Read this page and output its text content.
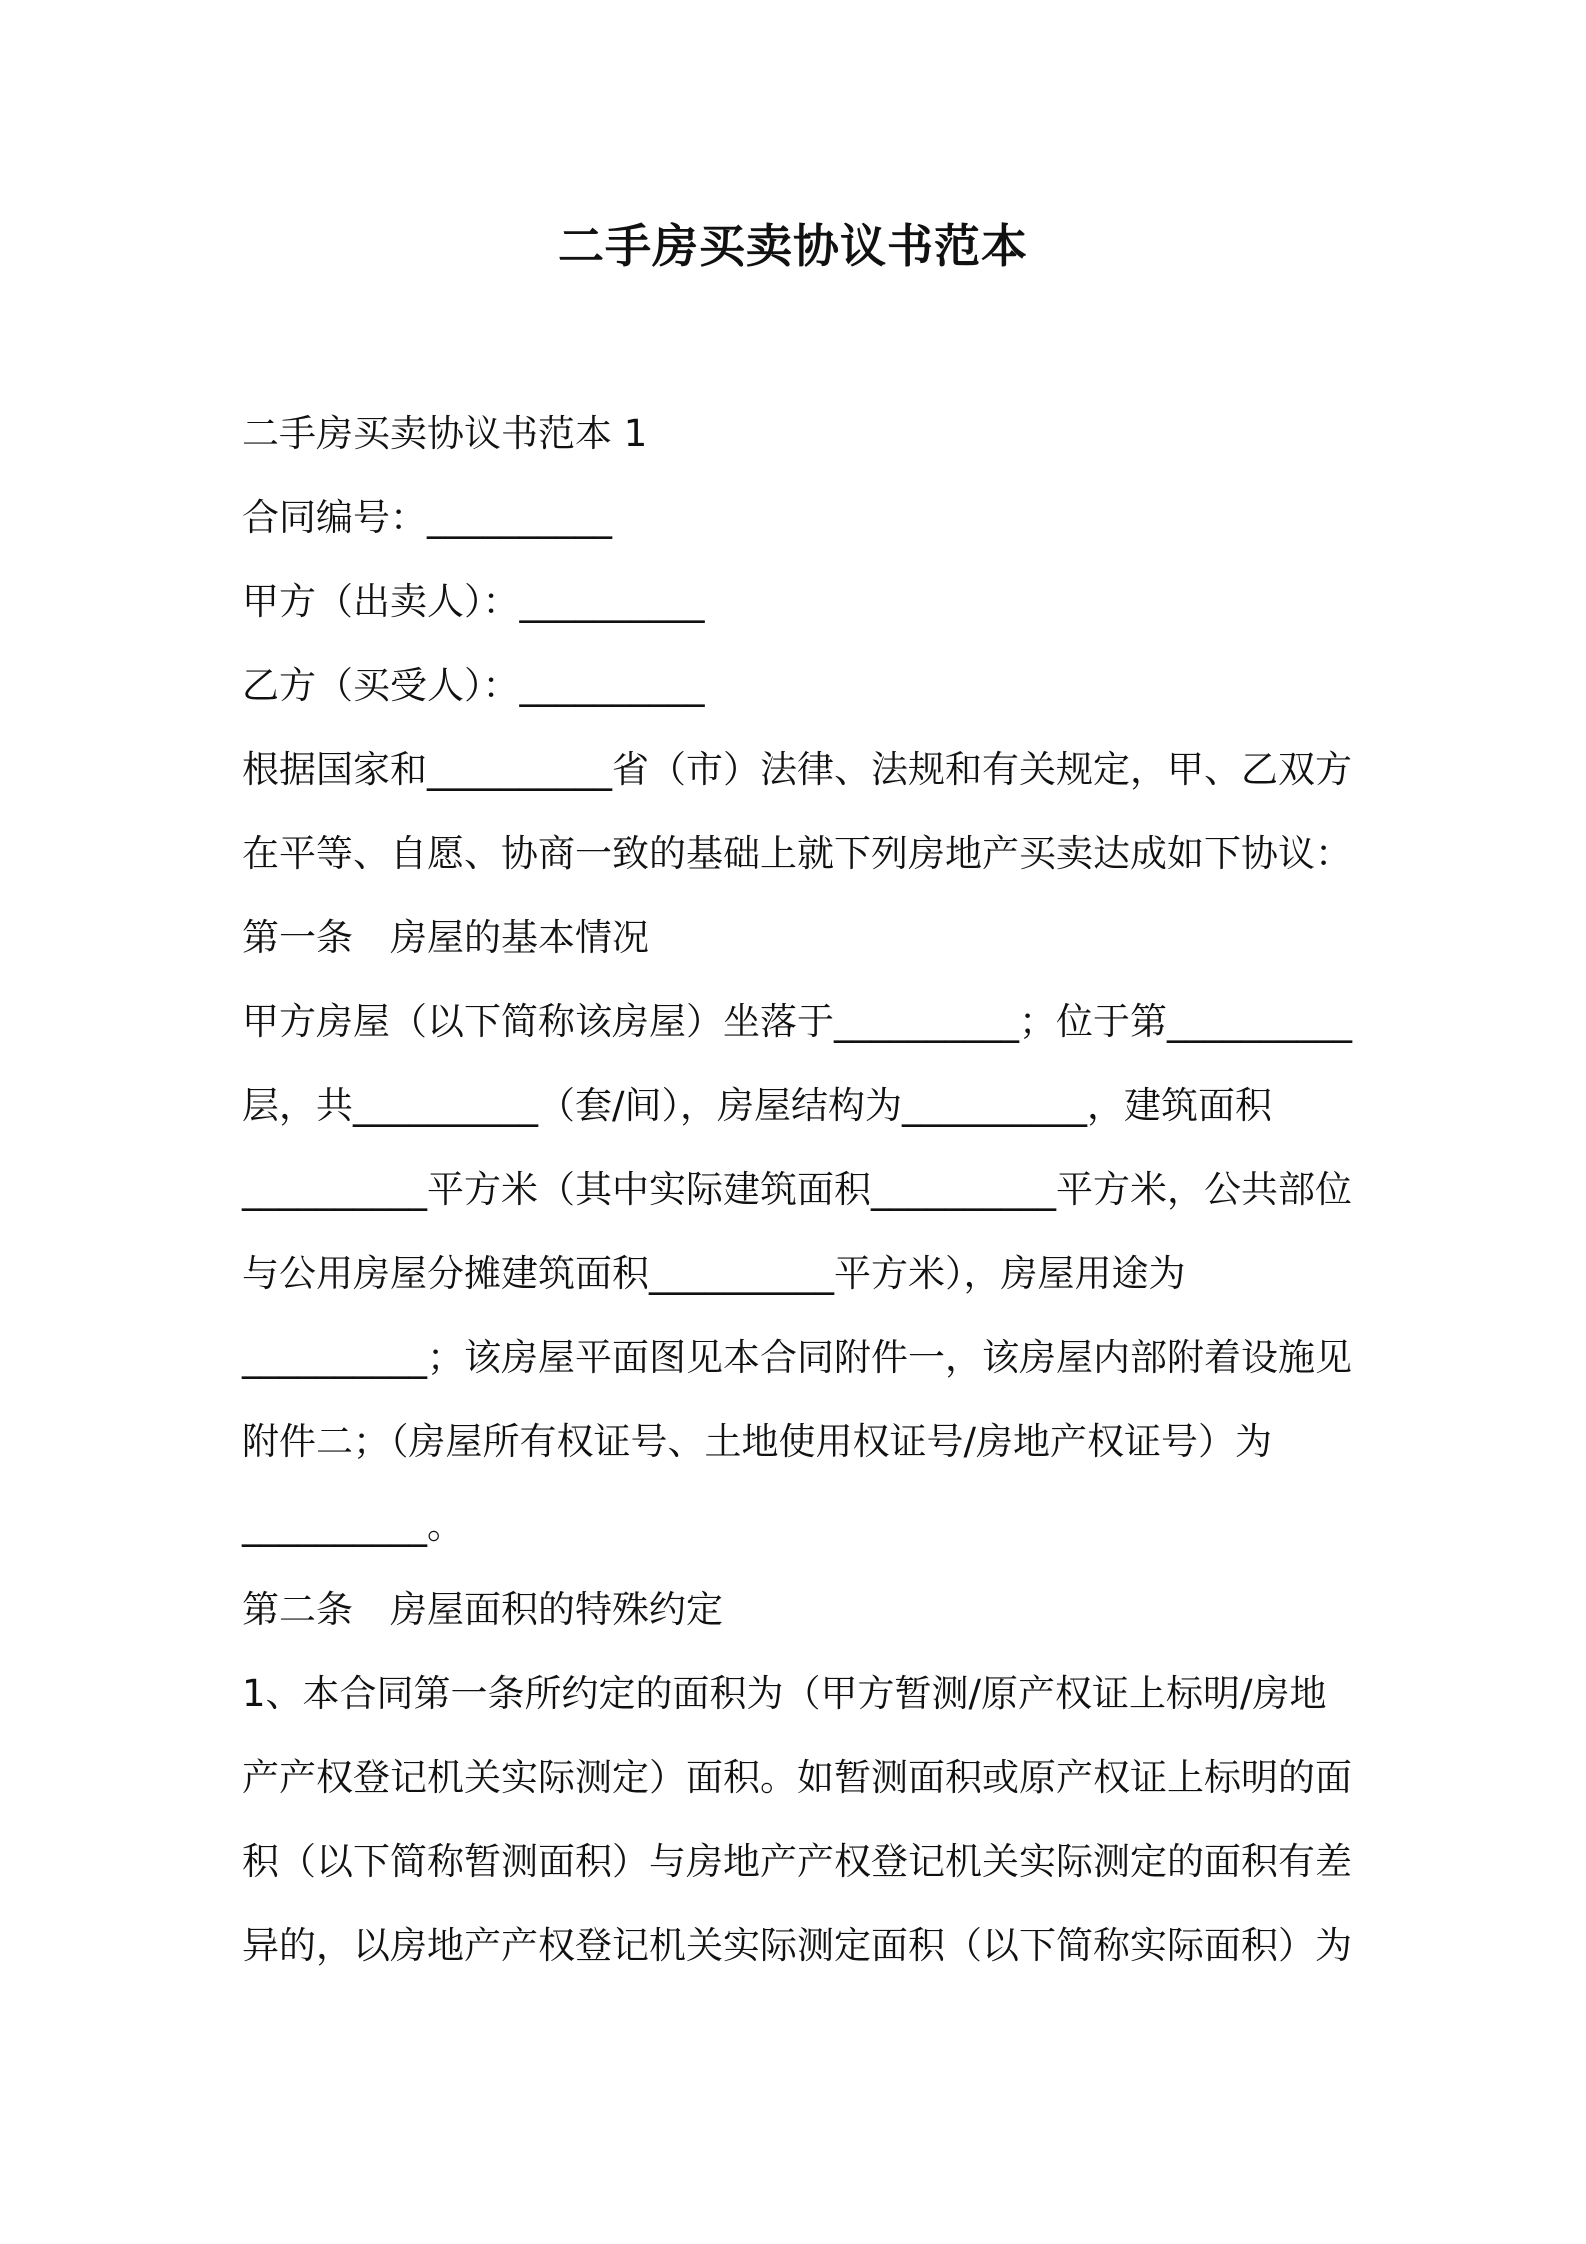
二手房买卖协议书范本
二手房买卖协议书范本 1
合同编号：__________
甲方（出卖人）：__________
乙方（买受人）：__________
根据国家和__________省（市）法律、法规和有关规定，甲、乙双方
在平等、自愿、协商一致的基础上就下列房地产买卖达成如下协议：
第一条　房屋的基本情况
甲方房屋（以下简称该房屋）坐落于__________；位于第__________
层，共__________（套/间），房屋结构为__________，建筑面积
__________平方米（其中实际建筑面积__________平方米，公共部位
与公用房屋分摊建筑面积__________平方米），房屋用途为
__________；该房屋平面图见本合同附件一，该房屋内部附着设施见
附件二；（房屋所有权证号、土地使用权证号/房地产权证号）为
__________。
第二条　房屋面积的特殊约定
1、本合同第一条所约定的面积为（甲方暂测/原产权证上标明/房地
产产权登记机关实际测定）面积。如暂测面积或原产权证上标明的面
积（以下简称暂测面积）与房地产产权登记机关实际测定的面积有差
异的，以房地产产权登记机关实际测定面积（以下简称实际面积）为
